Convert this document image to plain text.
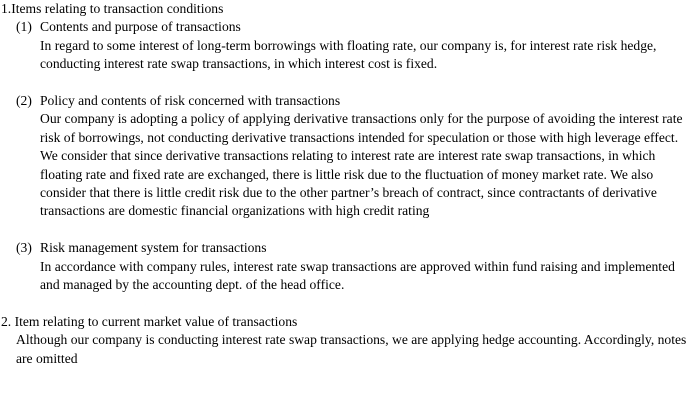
1.Items relating to transaction conditions

(1) Contents and purpose of transactions

In regard to some interest of long-term borrowings with floating rate, our company is, for interest rate risk hedge, conducting interest rate swap transactions, in which interest cost is fixed.

(2) Policy and contents of risk concerned with transactions

Our company is adopting a policy of applying derivative transactions only for the purpose of avoiding the interest rate risk of borrowings, not conducting derivative transactions intended for speculation or those with high leverage effect.

We consider that since derivative transactions relating to interest rate are interest rate swap transactions, in which floating rate and fixed rate are exchanged, there is little risk due to the fluctuation of money market rate. We also consider that there is little credit risk due to the other partner’s breach of contract, since contractants of derivative transactions are domestic financial organizations with high credit rating

(3) Risk management system for transactions

In accordance with company rules, interest rate swap transactions are approved within fund raising and implemented and managed by the accounting dept. of the head office.

2. Item relating to current market value of transactions

Although our company is conducting interest rate swap transactions, we are applying hedge accounting. Accordingly, notes are omitted
